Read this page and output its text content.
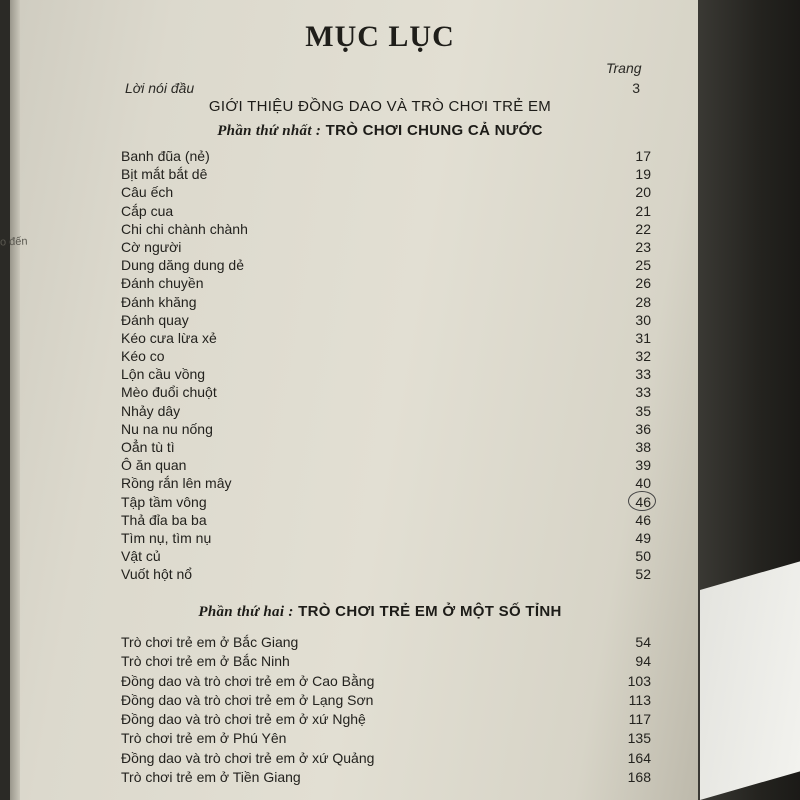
MỤC LỤC
Trang
Lời nói đầu	3
GIỚI THIỆU ĐỒNG DAO VÀ TRÒ CHƠI TRẺ EM
Phần thứ nhất : TRÒ CHƠI CHUNG CẢ NƯỚC
Banh đũa (nẻ)	17
Bịt mắt bắt dê	19
Câu ếch	20
Cắp cua	21
Chi chi chành chành	22
Cờ người	23
Dung dăng dung dẻ	25
Đánh chuyền	26
Đánh khăng	28
Đánh quay	30
Kéo cưa lừa xẻ	31
Kéo co	32
Lộn cầu vồng	33
Mèo đuổi chuột	33
Nhảy dây	35
Nu na nu nống	36
Oẳn tù tì	38
Ô ăn quan	39
Rồng rắn lên mây	40
Tập tầm vông	46
Thả đỉa ba ba	46
Tìm nụ, tìm nụ	49
Vật củ	50
Vuốt hột nổ	52
Phần thứ hai : TRÒ CHƠI TRẺ EM Ở MỘT SỐ TỈNH
Trò chơi trẻ em ở Bắc Giang	54
Trò chơi trẻ em ở Bắc Ninh	94
Đồng dao và trò chơi trẻ em ở Cao Bằng	103
Đồng dao và trò chơi trẻ em ở Lạng Sơn	113
Đồng dao và trò chơi trẻ em ở xứ Nghệ	117
Trò chơi trẻ em ở Phú Yên	135
Đồng dao và trò chơi trẻ em ở xứ Quảng	164
Trò chơi trẻ em ở Tiền Giang	168
o đến
